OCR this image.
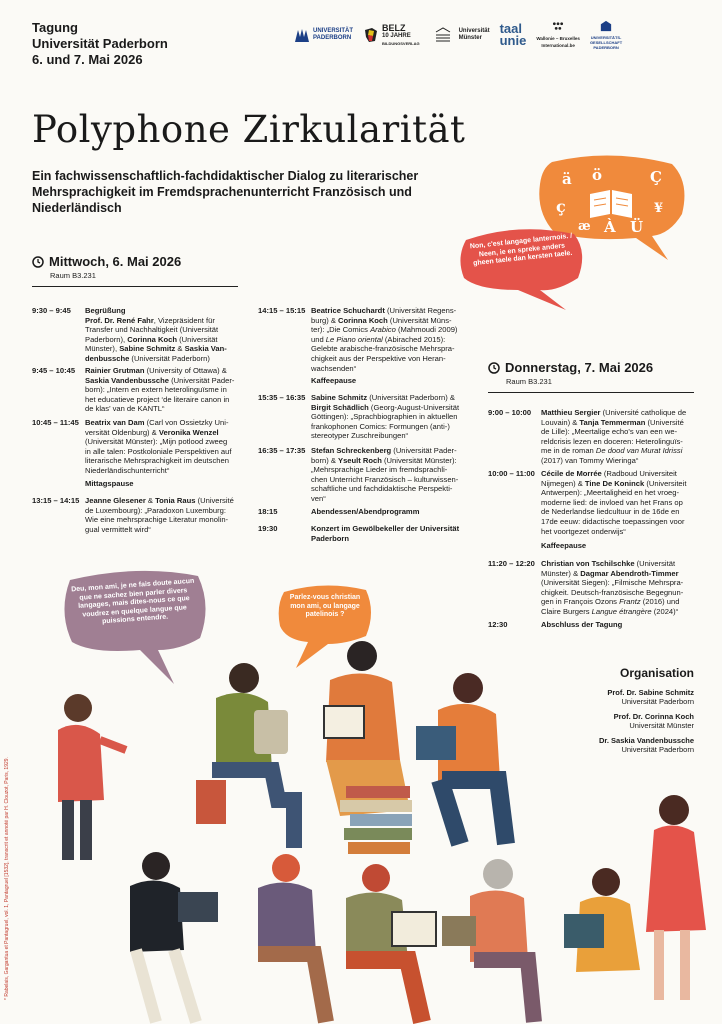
Tagung
Universität Paderborn
6. und 7. Mai 2026
UNIVERSITÄT
PADERBORN
BELZ
10 JAHRE
BILDUNGSVERLAG
Universität
Münster
taal
unie Wallonie – Bruxelles
International.be
UNIVERSITÄTS-
GESELLSCHAFT
PADERBORN
Polyphone Zirkularität
Ein fachwissenschaftlich-fachdidaktischer Dialog zu literarischer Mehrsprachigkeit im Fremdsprachenunterricht Französisch und Niederländisch
ä ö
ç
Ç
æ À Ü
¥
Non, c'est langage lanternois. / Neen, ie en spreke anders gheen taele dan kersten taele.
Mittwoch, 6. Mai 2026
Raum B3.231
9:30 – 9:45	Begrüßung
Prof. Dr. René Fahr, Vizepräsident für
Transfer und Nachhaltigkeit (Universität
Paderborn), Corinna Koch (Universität
Münster), Sabine Schmitz & Saskia Van-
denbussche (Universität Paderborn)
9:45 – 10:45	Rainier Grutman (University of Ottawa) &
Saskia Vandenbussche (Universität Pader-
born): „Intern en extern heterolinguïsme in
het educatieve project ‘de literaire canon in
de klas’ van de KANTL“
10:45 – 11:45 Beatrix van Dam (Carl von Ossietzky Uni-
versität Oldenburg) & Veronika Wenzel
(Universität Münster): „Mijn potlood zweeg
in alle talen: Postkoloniale Perspektiven auf
literarische Mehrsprachigkeit im deutschen
Niederländischunterricht“
Mittagspause
13:15 – 14:15 Jeanne Glesener & Tonia Raus (Université
de Luxembourg): „Paradoxon Luxemburg:
Wie eine mehrsprachige Literatur monolin-
gual vermittelt wird“
14:15 – 15:15 Beatrice Schuchardt (Universität Regens-
burg) & Corinna Koch (Universität Müns-
ter): „Die Comics Arabico (Mahmoudi 2009)
und Le Piano oriental (Abirached 2015):
Gelebte arabische-französische Mehrspra-
chigkeit aus der Perspektive von Heran-
wachsenden“
Kaffeepause
15:35 – 16:35 Sabine Schmitz (Universität Paderborn) &
Birgit Schädlich (Georg-August-Universität
Göttingen): „Sprachbiographien in aktuellen
frankophonen Comics: Formungen (anti-)
stereotyper Zuschreibungen“
16:35 – 17:35 Stefan Schreckenberg (Universität Pader-
born) & Yseult Roch (Universität Münster):
„Mehrsprachige Lieder im fremdsprachli-
chen Unterricht Französisch – kulturwissen-
schaftliche und fachdidaktische Perspekti-
ven“
18:15	Abendessen/Abendprogramm
19:30	Konzert im Gewölbekeller der Universität
Paderborn
Donnerstag, 7. Mai 2026
Raum B3.231
9:00 – 10:00	Matthieu Sergier (Université catholique de
Louvain) & Tanja Temmerman (Université
de Lille): „Meertalige echo's van een we-
reldcrisis lezen en doceren: Heterolinguïs-
me in de roman De dood van Murat Idrissi
(2017) van Tommy Wieringa“
10:00 – 11:00 Cécile de Morrée (Radboud Universiteit
Nijmegen) & Tine De Koninck (Universiteit
Antwerpen): „Meertaligheid en het vroeg-
moderne lied: de invloed van het Frans op
de Nederlandse liedcultuur in de 16de en
17de eeuw: didactische toepassingen voor
het voortgezet onderwijs“
Kaffeepause
11:20 – 12:20 Christian von Tschilschke (Universität
Münster) & Dagmar Abendroth-Timmer
(Universität Siegen): „Filmische Mehrspra-
chigkeit. Deutsch-französische Begegnun-
gen in François Ozons Frantz (2016) und
Claire Burgers Langue étrangère (2024)“
12:30	Abschluss der Tagung
Organisation
Prof. Dr. Sabine Schmitz
Universität Paderborn
Prof. Dr. Corinna Koch
Universität Münster
Dr. Saskia Vandenbussche
Universität Paderborn
Deu, mon ami, je ne fais doute aucun que ne sachez bien parler divers langages, mais dites-nous ce que voudrez en quelque langue que puissions entendre.
Parlez-vous christian mon ami, ou langage patelinois ?
* Rabelais, Gargantua et Pantagruel, vol. 1, Pantagruel [1532], transcrit et annoté par H. Clouzot, Paris, 1929.
